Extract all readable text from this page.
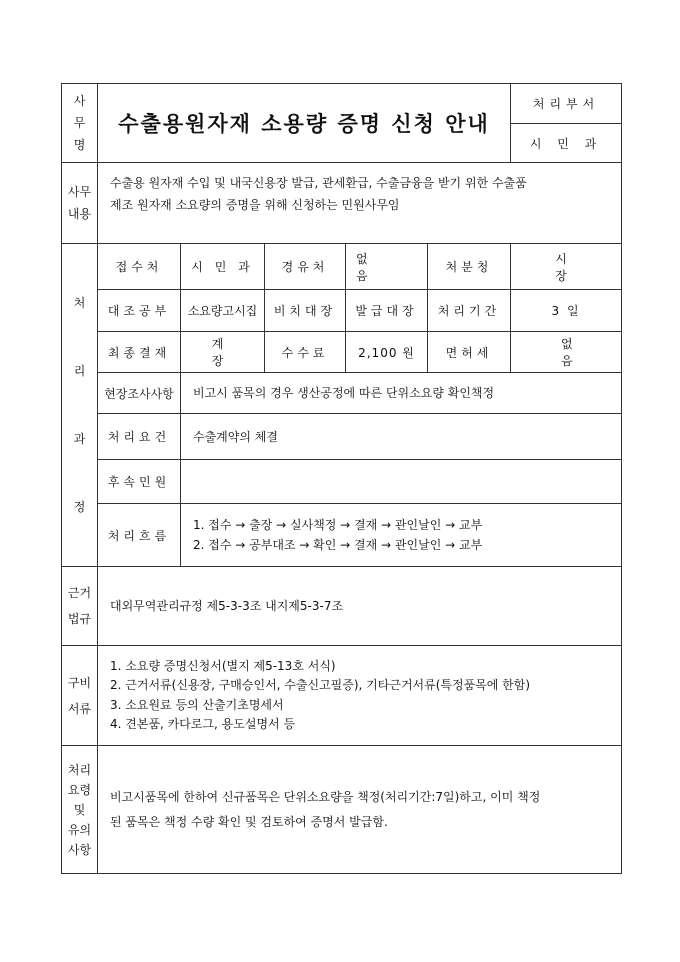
사
무
명	수출용원자재 소용량 증명 신청 안내					처리부서
						시 민 과

사무
내용	수출용 원자재 수입 및 내국신용장 발급, 관세환급, 수출금융을 받기 위한 수출품
제조 원자재 소요량의 증명을 위해 신청하는 민원사무임					

처
리
과
정	접수처	시 민 과	경유처	없음	처분청	시장
	대조공부	소요량고시집	비치대장	발급대장	처리기간	3 일
	최종결재	계장	수수료	2,100 원	면허세	없음
	현장조사사항	비고시 품목의 경우 생산공정에 따른 단위소요량 확인책정				
	처리요건	수출계약의 체결				
	후속민원					
	처리흐름	1. 접수 → 출장 → 실사책정 → 결재 → 관인날인 → 교부
2. 접수 → 공부대조 → 확인 → 결재 → 관인날인 → 교부				

근거
법규	대외무역관리규정 제5-3-3조 내지제5-3-7조					

구비
서류	1. 소요량 증명신청서(별지 제5-13호 서식)
2. 근거서류(신용장, 구매승인서, 수출신고필증), 기타근거서류(특정품목에 한함)
3. 소요원료 등의 산출기초명세서
4. 견본품, 카다로그, 용도설명서 등					

처리
요령
및
유의
사항	비고시품목에 한하여 신규품목은 단위소요량을 책정(처리기간:7일)하고, 이미 책정
된 품목은 책정 수량 확인 및 검토하여 증명서 발급함.					
